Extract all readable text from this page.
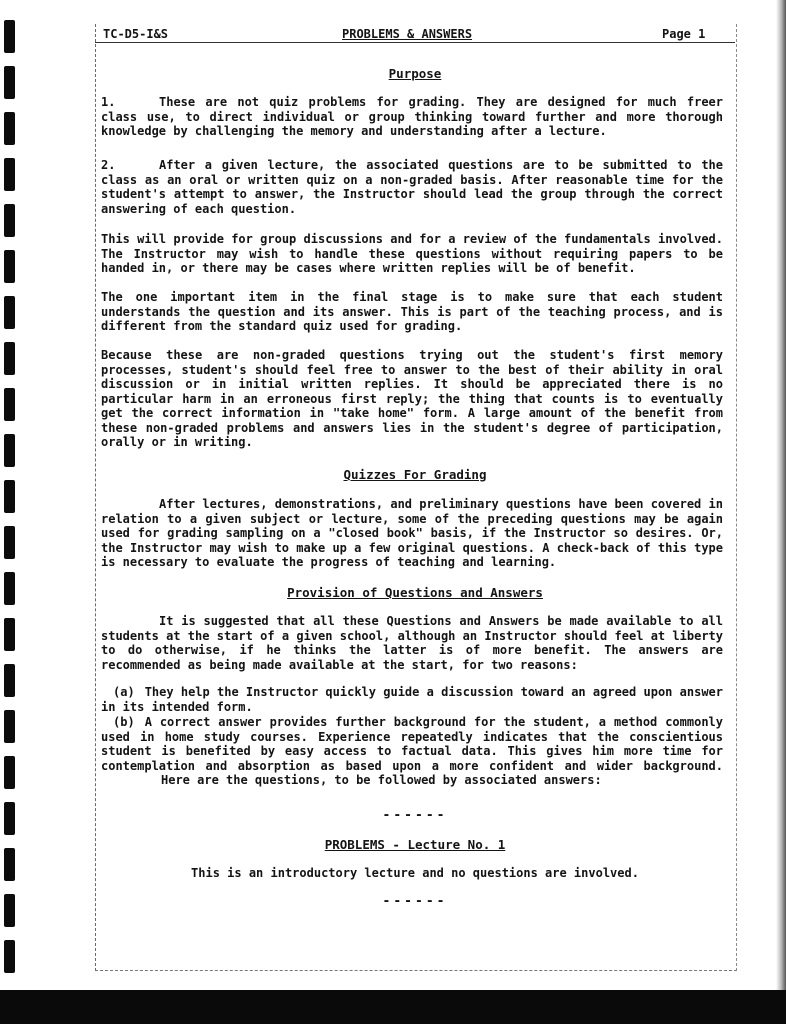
TC-D5-I&S	PROBLEMS & ANSWERS	Page 1
Purpose

1.	These are not quiz problems for grading. They are designed for much freer class use, to direct individual or group thinking toward further and more thorough knowledge by challenging the memory and understanding after a lecture.

2.	After a given lecture, the associated questions are to be submitted to the class as an oral or written quiz on a non-graded basis. After reasonable time for the student's attempt to answer, the Instructor should lead the group through the correct answering of each question.

This will provide for group discussions and for a review of the fundamentals involved. The Instructor may wish to handle these questions without requiring papers to be handed in, or there may be cases where written replies will be of benefit.

The one important item in the final stage is to make sure that each student understands the question and its answer. This is part of the teaching process, and is different from the standard quiz used for grading.

Because these are non-graded questions trying out the student's first memory processes, student's should feel free to answer to the best of their ability in oral discussion or in initial written replies. It should be appreciated there is no particular harm in an erroneous first reply; the thing that counts is to eventually get the correct information in "take home" form. A large amount of the benefit from these non-graded problems and answers lies in the student's degree of participation, orally or in writing.

Quizzes For Grading

After lectures, demonstrations, and preliminary questions have been covered in relation to a given subject or lecture, some of the preceding questions may be again used for grading sampling on a "closed book" basis, if the Instructor so desires. Or, the Instructor may wish to make up a few original questions. A check-back of this type is necessary to evaluate the progress of teaching and learning.

Provision of Questions and Answers

It is suggested that all these Questions and Answers be made available to all students at the start of a given school, although an Instructor should feel at liberty to do otherwise, if he thinks the latter is of more benefit. The answers are recommended as being made available at the start, for two reasons:

(a) They help the Instructor quickly guide a discussion toward an agreed upon answer in its intended form.

(b) A correct answer provides further background for the student, a method commonly used in home study courses. Experience repeatedly indicates that the conscientious student is benefited by easy access to factual data. This gives him more time for contemplation and absorption as based upon a more confident and wider background.Here are the questions, to be followed by associated answers:

------
PROBLEMS - Lecture No. 1
This is an introductory lecture and no questions are involved.
------
